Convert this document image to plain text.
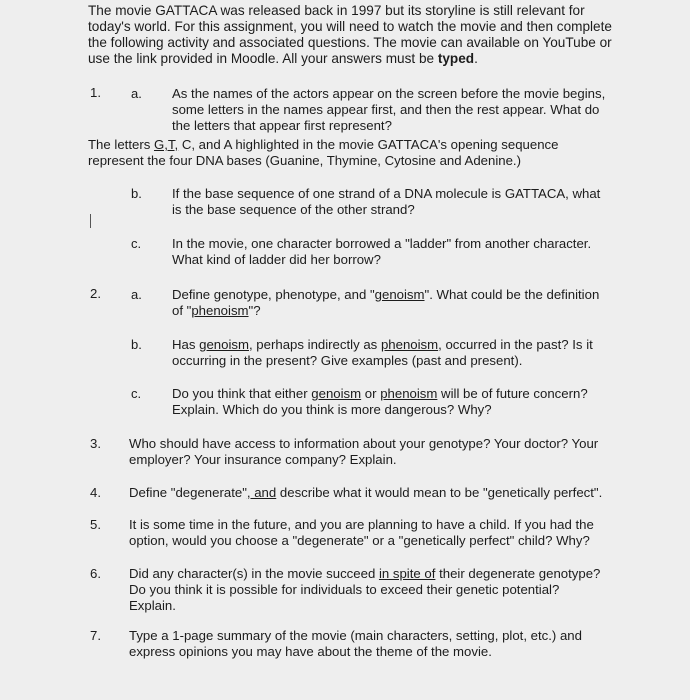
The movie GATTACA was released back in 1997 but its storyline is still relevant for
today's world. For this assignment, you will need to watch the movie and then complete
the following activity and associated questions. The movie can available on YouTube or
use the link provided in Moodle. All your answers must be typed.
1. a. As the names of the actors appear on the screen before the movie begins,
some letters in the names appear first, and then the rest appear. What do
the letters that appear first represent?
The letters G,T, C, and A highlighted in the movie GATTACA's opening sequence
represent the four DNA bases (Guanine, Thymine, Cytosine and Adenine.)
b. If the base sequence of one strand of a DNA molecule is GATTACA, what
is the base sequence of the other strand?
c. In the movie, one character borrowed a "ladder" from another character.
What kind of ladder did her borrow?
2. a. Define genotype, phenotype, and "genoism". What could be the definition
of "phenoism"?
b. Has genoism, perhaps indirectly as phenoism, occurred in the past? Is it
occurring in the present? Give examples (past and present).
c. Do you think that either genoism or phenoism will be of future concern?
Explain. Which do you think is more dangerous? Why?
3. Who should have access to information about your genotype? Your doctor? Your
employer? Your insurance company? Explain.
4. Define "degenerate", and describe what it would mean to be "genetically perfect".
5. It is some time in the future, and you are planning to have a child. If you had the
option, would you choose a "degenerate" or a "genetically perfect" child? Why?
6. Did any character(s) in the movie succeed in spite of their degenerate genotype?
Do you think it is possible for individuals to exceed their genetic potential?
Explain.
7. Type a 1-page summary of the movie (main characters, setting, plot, etc.) and
express opinions you may have about the theme of the movie.
